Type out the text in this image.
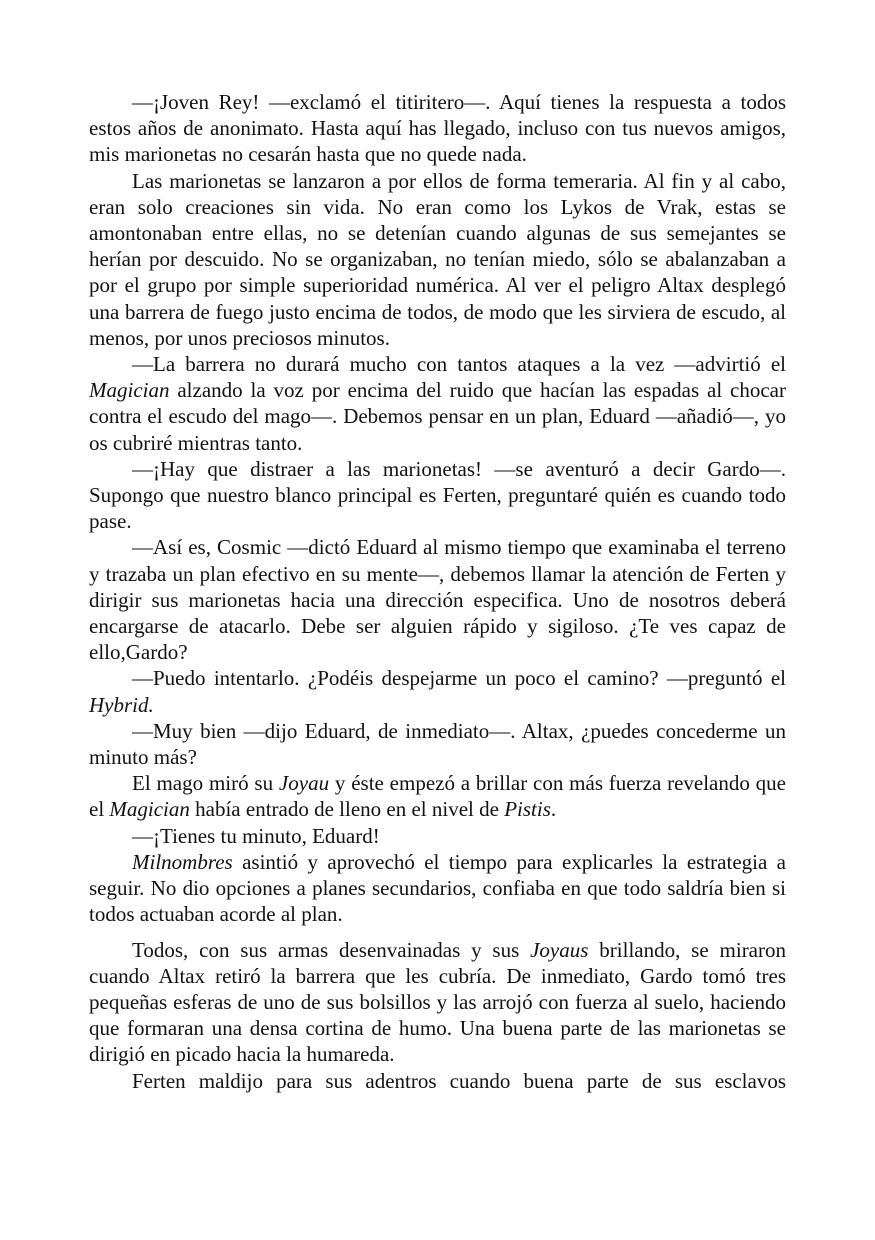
—¡Joven Rey! —exclamó el titiritero—. Aquí tienes la respuesta a todos estos años de anonimato. Hasta aquí has llegado, incluso con tus nuevos amigos, mis marionetas no cesarán hasta que no quede nada.

Las marionetas se lanzaron a por ellos de forma temeraria. Al fin y al cabo, eran solo creaciones sin vida. No eran como los Lykos de Vrak, estas se amontonaban entre ellas, no se detenían cuando algunas de sus semejantes se herían por descuido. No se organizaban, no tenían miedo, sólo se abalanzaban a por el grupo por simple superioridad numérica. Al ver el peligro Altax desplegó una barrera de fuego justo encima de todos, de modo que les sirviera de escudo, al menos, por unos preciosos minutos.

—La barrera no durará mucho con tantos ataques a la vez —advirtió el Magician alzando la voz por encima del ruido que hacían las espadas al chocar contra el escudo del mago—. Debemos pensar en un plan, Eduard —añadió—, yo os cubriré mientras tanto.

—¡Hay que distraer a las marionetas! —se aventuró a decir Gardo—. Supongo que nuestro blanco principal es Ferten, preguntaré quién es cuando todo pase.

—Así es, Cosmic —dictó Eduard al mismo tiempo que examinaba el terreno y trazaba un plan efectivo en su mente—, debemos llamar la atención de Ferten y dirigir sus marionetas hacia una dirección especifica. Uno de nosotros deberá encargarse de atacarlo. Debe ser alguien rápido y sigiloso. ¿Te ves capaz de ello,Gardo?

—Puedo intentarlo. ¿Podéis despejarme un poco el camino? —preguntó el Hybrid.

—Muy bien —dijo Eduard, de inmediato—. Altax, ¿puedes concederme un minuto más?

El mago miró su Joyau y éste empezó a brillar con más fuerza revelando que el Magician había entrado de lleno en el nivel de Pistis.

—¡Tienes tu minuto, Eduard!

Milnombres asintió y aprovechó el tiempo para explicarles la estrategia a seguir. No dio opciones a planes secundarios, confiaba en que todo saldría bien si todos actuaban acorde al plan.

Todos, con sus armas desenvainadas y sus Joyaus brillando, se miraron cuando Altax retiró la barrera que les cubría. De inmediato, Gardo tomó tres pequeñas esferas de uno de sus bolsillos y las arrojó con fuerza al suelo, haciendo que formaran una densa cortina de humo. Una buena parte de las marionetas se dirigió en picado hacia la humareda.

Ferten maldijo para sus adentros cuando buena parte de sus esclavos
